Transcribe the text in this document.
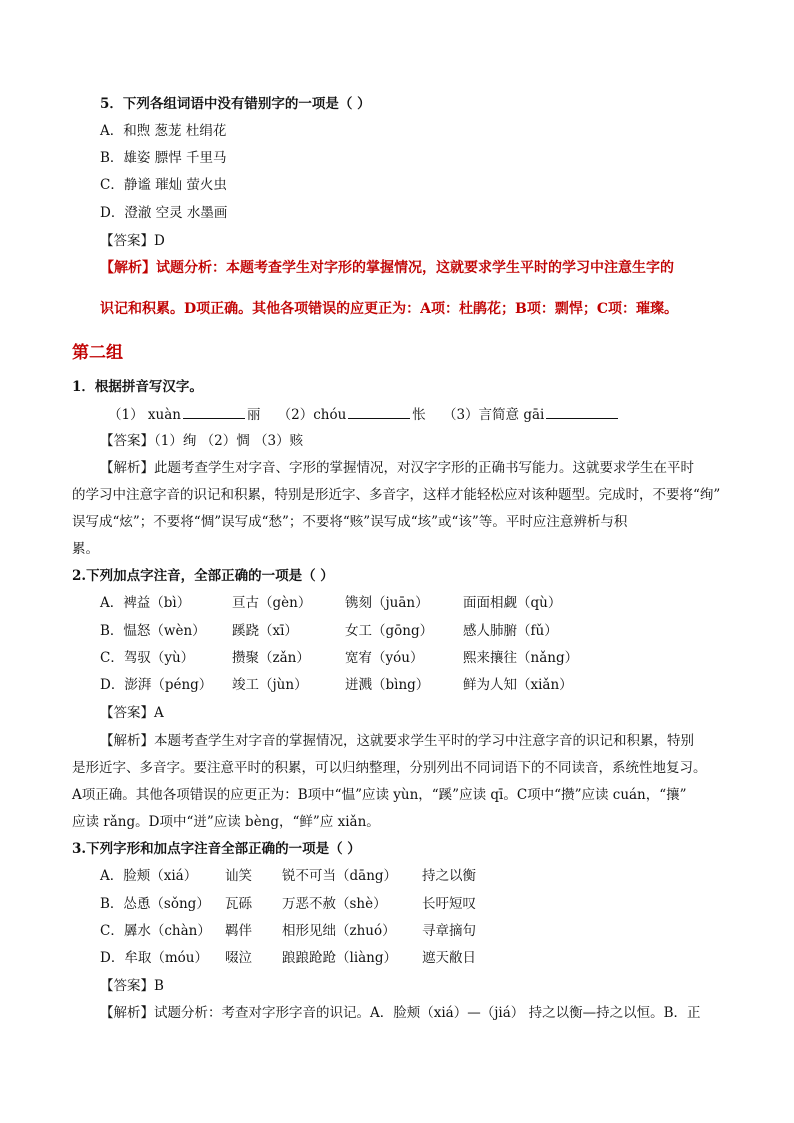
5．下列各组词语中没有错别字的一项是（ ）
A．和煦 葱茏 杜绢花
B．雄姿 膘悍 千里马
C．静谧 璀灿 萤火虫
D．澄澈 空灵 水墨画
【答案】D
【解析】试题分析：本题考查学生对字形的掌握情况，这就要求学生平时的学习中注意生字的
识记和积累。D项正确。其他各项错误的应更正为：A项：杜鹃花；B项：剽悍；C项：璀璨。
第二组
1．根据拼音写汉字。
（1） xuàn	丽 （2）chóu	怅 （3）言简意 gāi
【答案】（1）绚 （2）惆 （3）赅
【解析】此题考查学生对字音、字形的掌握情况，对汉字字形的正确书写能力。这就要求学生在平时
的学习中注意字音的识记和积累，特别是形近字、多音字，这样才能轻松应对该种题型。完成时，不要将“绚”
误写成“炫”；不要将“惆”误写成“愁”；不要将“赅”误写成“垓”或“该”等。平时应注意辨析与积
累。
2.下列加点字注音，全部正确的一项是（ ）
A．裨益（bì）	亘古（gèn） 镌刻（juān）	面面相觑（qù）
B．愠怒（wèn） 蹊跷（xī）	女工（gōng） 感人肺腑（fǔ）
C．驾驭（yù）	攒聚（zǎn）	宽宥（yóu）	熙来攘往（nǎng）
D．澎湃（péng） 竣工（jùn）	迸溅（bìng） 鲜为人知（xiǎn）
【答案】A
【解析】本题考查学生对字音的掌握情况，这就要求学生平时的学习中注意字音的识记和积累，特别
是形近字、多音字。要注意平时的积累，可以归纳整理，分别列出不同词语下的不同读音，系统性地复习。
A项正确。其他各项错误的应更正为：B项中“愠”应读 yùn，“蹊”应读 qī。C项中“攒”应读 cuán，“攘”
应读 rǎng。D项中“迸”应读 bèng，“鲜”应 xiǎn。
3.下列字形和加点字注音全部正确的一项是（ ）
A．脸颊（xiá） 讪笑 锐不可当（dāng） 持之以衡
B．怂恿（sǒng） 瓦砾 万恶不赦（shè）	长吁短叹
C．羼水（chàn） 羁伴 相形见绌（zhuó） 寻章摘句
D．牟取（móu） 啜泣 踉踉跄跄（liàng） 遮天敝日
【答案】B
【解析】试题分析：考查对字形字音的识记。A．脸颊（xiá）—（jiá） 持之以衡—持之以恒。B．正
